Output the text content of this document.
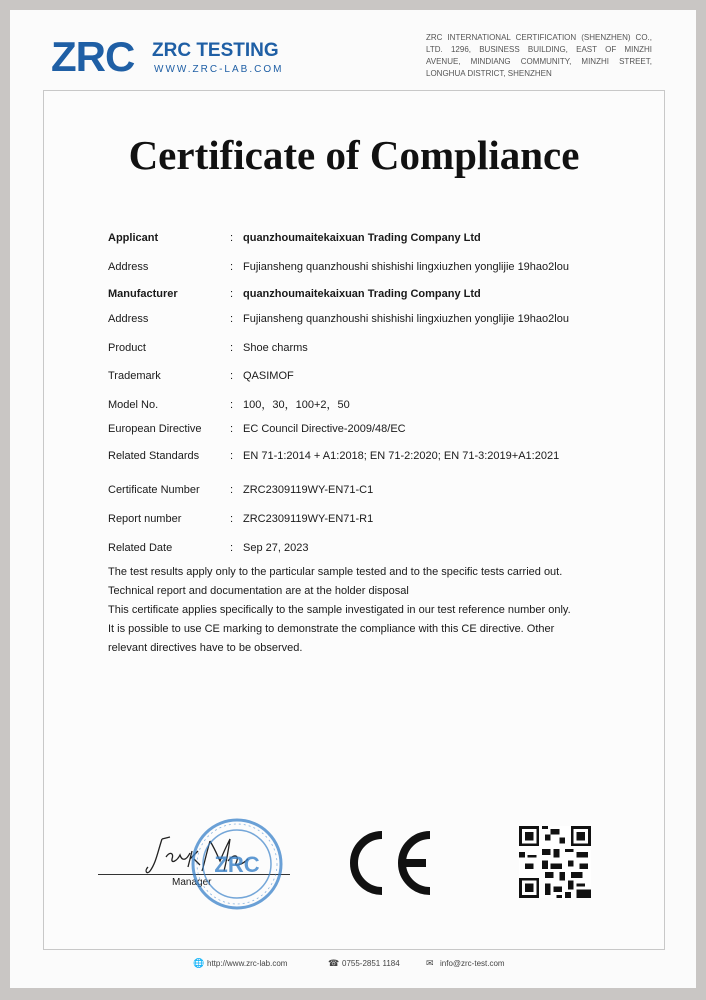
ZRC ZRC TESTING
WWW.ZRC-LAB.COM
ZRC INTERNATIONAL CERTIFICATION (SHENZHEN) CO., LTD. 1296, BUSINESS BUILDING, EAST OF MINZHI AVENUE, MINDIANG COMMUNITY, MINZHI STREET, LONGHUA DISTRICT, SHENZHEN
Certificate of Compliance
Applicant	: quanzhoumaitekaixuan Trading Company Ltd
Address	: Fujiansheng quanzhoushi shishishi lingxiuzhen yonglijie 19hao2lou
Manufacturer	: quanzhoumaitekaixuan Trading Company Ltd
Address	: Fujiansheng quanzhoushi shishishi lingxiuzhen yonglijie 19hao2lou
Product	: Shoe charms
Trademark	: QASIMOF
Model No.	: 100，30，100+2，50
European Directive	: EC Council Directive-2009/48/EC
Related Standards	: EN 71-1:2014 + A1:2018; EN 71-2:2020; EN 71-3:2019+A1:2021
Certificate Number	: ZRC2309119WY-EN71-C1
Report number	: ZRC2309119WY-EN71-R1
Related Date	: Sep 27, 2023
The test results apply only to the particular sample tested and to the specific tests carried out.
Technical report and documentation are at the holder disposal
This certificate applies specifically to the sample investigated in our test reference number only.
It is possible to use CE marking to demonstrate the compliance with this CE directive. Other
relevant directives have to be observed.
Manager
ZRC
🌐 http://www.zrc-lab.com	☎ 0755-2851 1184	✉ info@zrc-test.com
